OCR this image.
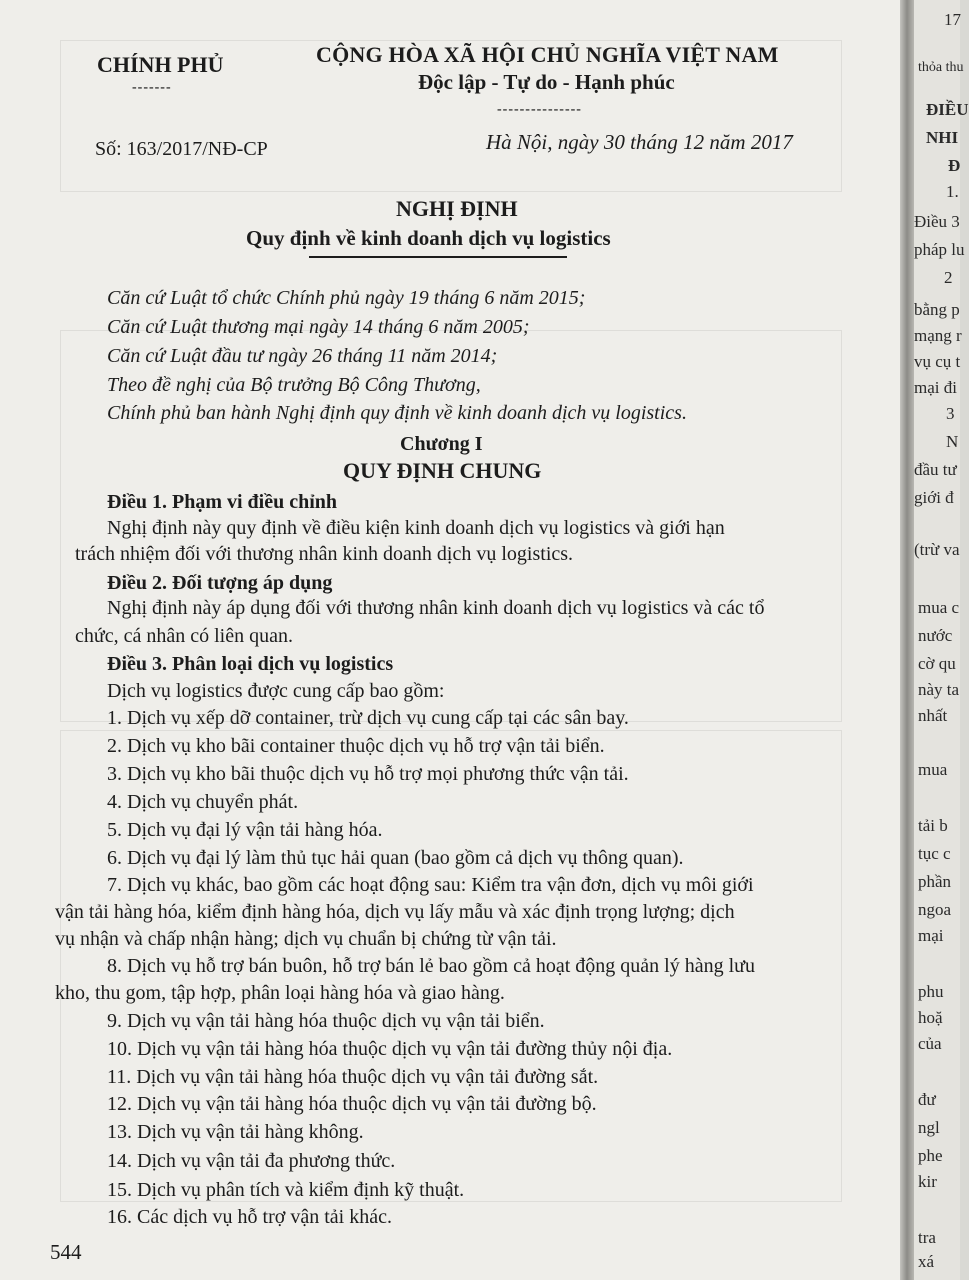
CHÍNH PHỦ
-------
CỘNG HÒA XÃ HỘI CHỦ NGHĨA VIỆT NAM
Độc lập - Tự do - Hạnh phúc
---------------
Số: 163/2017/NĐ-CP	Hà Nội, ngày 30 tháng 12 năm 2017
NGHỊ ĐỊNH
Quy định về kinh doanh dịch vụ logistics
Căn cứ Luật tổ chức Chính phủ ngày 19 tháng 6 năm 2015;
Căn cứ Luật thương mại ngày 14 tháng 6 năm 2005;
Căn cứ Luật đầu tư ngày 26 tháng 11 năm 2014;
Theo đề nghị của Bộ trưởng Bộ Công Thương,
Chính phủ ban hành Nghị định quy định về kinh doanh dịch vụ logistics.
Chương I
QUY ĐỊNH CHUNG
Điều 1. Phạm vi điều chỉnh
Nghị định này quy định về điều kiện kinh doanh dịch vụ logistics và giới hạn
trách nhiệm đối với thương nhân kinh doanh dịch vụ logistics.
Điều 2. Đối tượng áp dụng
Nghị định này áp dụng đối với thương nhân kinh doanh dịch vụ logistics và các tổ
chức, cá nhân có liên quan.
Điều 3. Phân loại dịch vụ logistics
Dịch vụ logistics được cung cấp bao gồm:
1. Dịch vụ xếp dỡ container, trừ dịch vụ cung cấp tại các sân bay.
2. Dịch vụ kho bãi container thuộc dịch vụ hỗ trợ vận tải biển.
3. Dịch vụ kho bãi thuộc dịch vụ hỗ trợ mọi phương thức vận tải.
4. Dịch vụ chuyển phát.
5. Dịch vụ đại lý vận tải hàng hóa.
6. Dịch vụ đại lý làm thủ tục hải quan (bao gồm cả dịch vụ thông quan).
7. Dịch vụ khác, bao gồm các hoạt động sau: Kiểm tra vận đơn, dịch vụ môi giới
vận tải hàng hóa, kiểm định hàng hóa, dịch vụ lấy mẫu và xác định trọng lượng; dịch
vụ nhận và chấp nhận hàng; dịch vụ chuẩn bị chứng từ vận tải.
8. Dịch vụ hỗ trợ bán buôn, hỗ trợ bán lẻ bao gồm cả hoạt động quản lý hàng lưu
kho, thu gom, tập hợp, phân loại hàng hóa và giao hàng.
9. Dịch vụ vận tải hàng hóa thuộc dịch vụ vận tải biển.
10. Dịch vụ vận tải hàng hóa thuộc dịch vụ vận tải đường thủy nội địa.
11. Dịch vụ vận tải hàng hóa thuộc dịch vụ vận tải đường sắt.
12. Dịch vụ vận tải hàng hóa thuộc dịch vụ vận tải đường bộ.
13. Dịch vụ vận tải hàng không.
14. Dịch vụ vận tải đa phương thức.
15. Dịch vụ phân tích và kiểm định kỹ thuật.
16. Các dịch vụ hỗ trợ vận tải khác.
544
17
thỏa thu
ĐIỀU
NHI
Đ
1.
Điều 3
pháp lu
2
bằng p
mạng r
vụ cụ t
mại đi
3
N
đầu tư
giới đ
(trừ va
mua c
nước
cờ qu
này ta
nhất
mua
tải b
tục c
phần
ngoa
mại
phu
hoặ
của
đư
ngl
phe
kir
tra
xá
